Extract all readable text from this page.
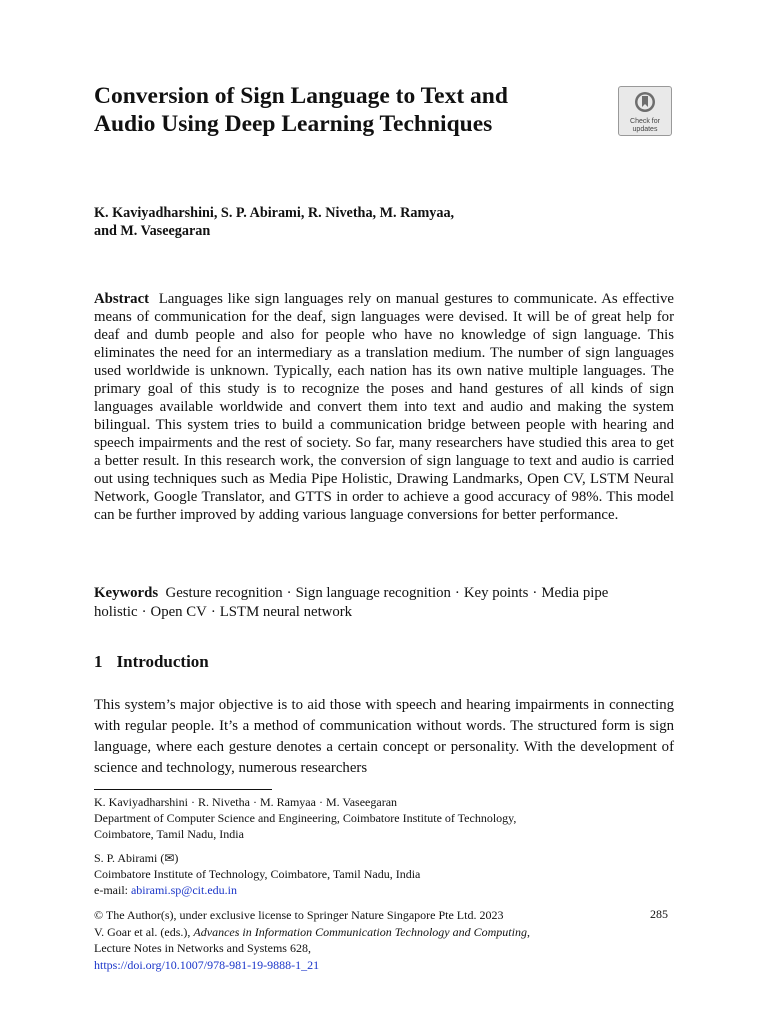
Conversion of Sign Language to Text and Audio Using Deep Learning Techniques	Check for
updates
K. Kaviyadharshini, S. P. Abirami, R. Nivetha, M. Ramyaa,
and M. Vaseegaran

Abstract Languages like sign languages rely on manual gestures to communicate. As effective means of communication for the deaf, sign languages were devised. It will be of great help for deaf and dumb people and also for people who have no knowledge of sign language. This eliminates the need for an intermediary as a translation medium. The number of sign languages used worldwide is unknown. Typically, each nation has its own native multiple languages. The primary goal of this study is to recognize the poses and hand gestures of all kinds of sign languages available worldwide and convert them into text and audio and making the system bilingual. This system tries to build a communication bridge between people with hearing and speech impairments and the rest of society. So far, many researchers have studied this area to get a better result. In this research work, the conversion of sign language to text and audio is carried out using techniques such as Media Pipe Holistic, Drawing Landmarks, Open CV, LSTM Neural Network, Google Translator, and GTTS in order to achieve a good accuracy of 98%. This model can be further improved by adding various language conversions for better performance.

Keywords Gesture recognition · Sign language recognition · Key points · Media pipe holistic · Open CV · LSTM neural network

1 Introduction

This system’s major objective is to aid those with speech and hearing impairments in connecting with regular people. It’s a method of communication without words. The structured form is sign language, where each gesture denotes a certain concept or personality. With the development of science and technology, numerous researchers

K. Kaviyadharshini · R. Nivetha · M. Ramyaa · M. Vaseegaran
Department of Computer Science and Engineering, Coimbatore Institute of Technology,
Coimbatore, Tamil Nadu, India
S. P. Abirami (✉)
Coimbatore Institute of Technology, Coimbatore, Tamil Nadu, India
e-mail: abirami.sp@cit.edu.in
© The Author(s), under exclusive license to Springer Nature Singapore Pte Ltd. 2023
V. Goar et al. (eds.), Advances in Information Communication Technology and Computing,
Lecture Notes in Networks and Systems 628,
https://doi.org/10.1007/978-981-19-9888-1_21
285
